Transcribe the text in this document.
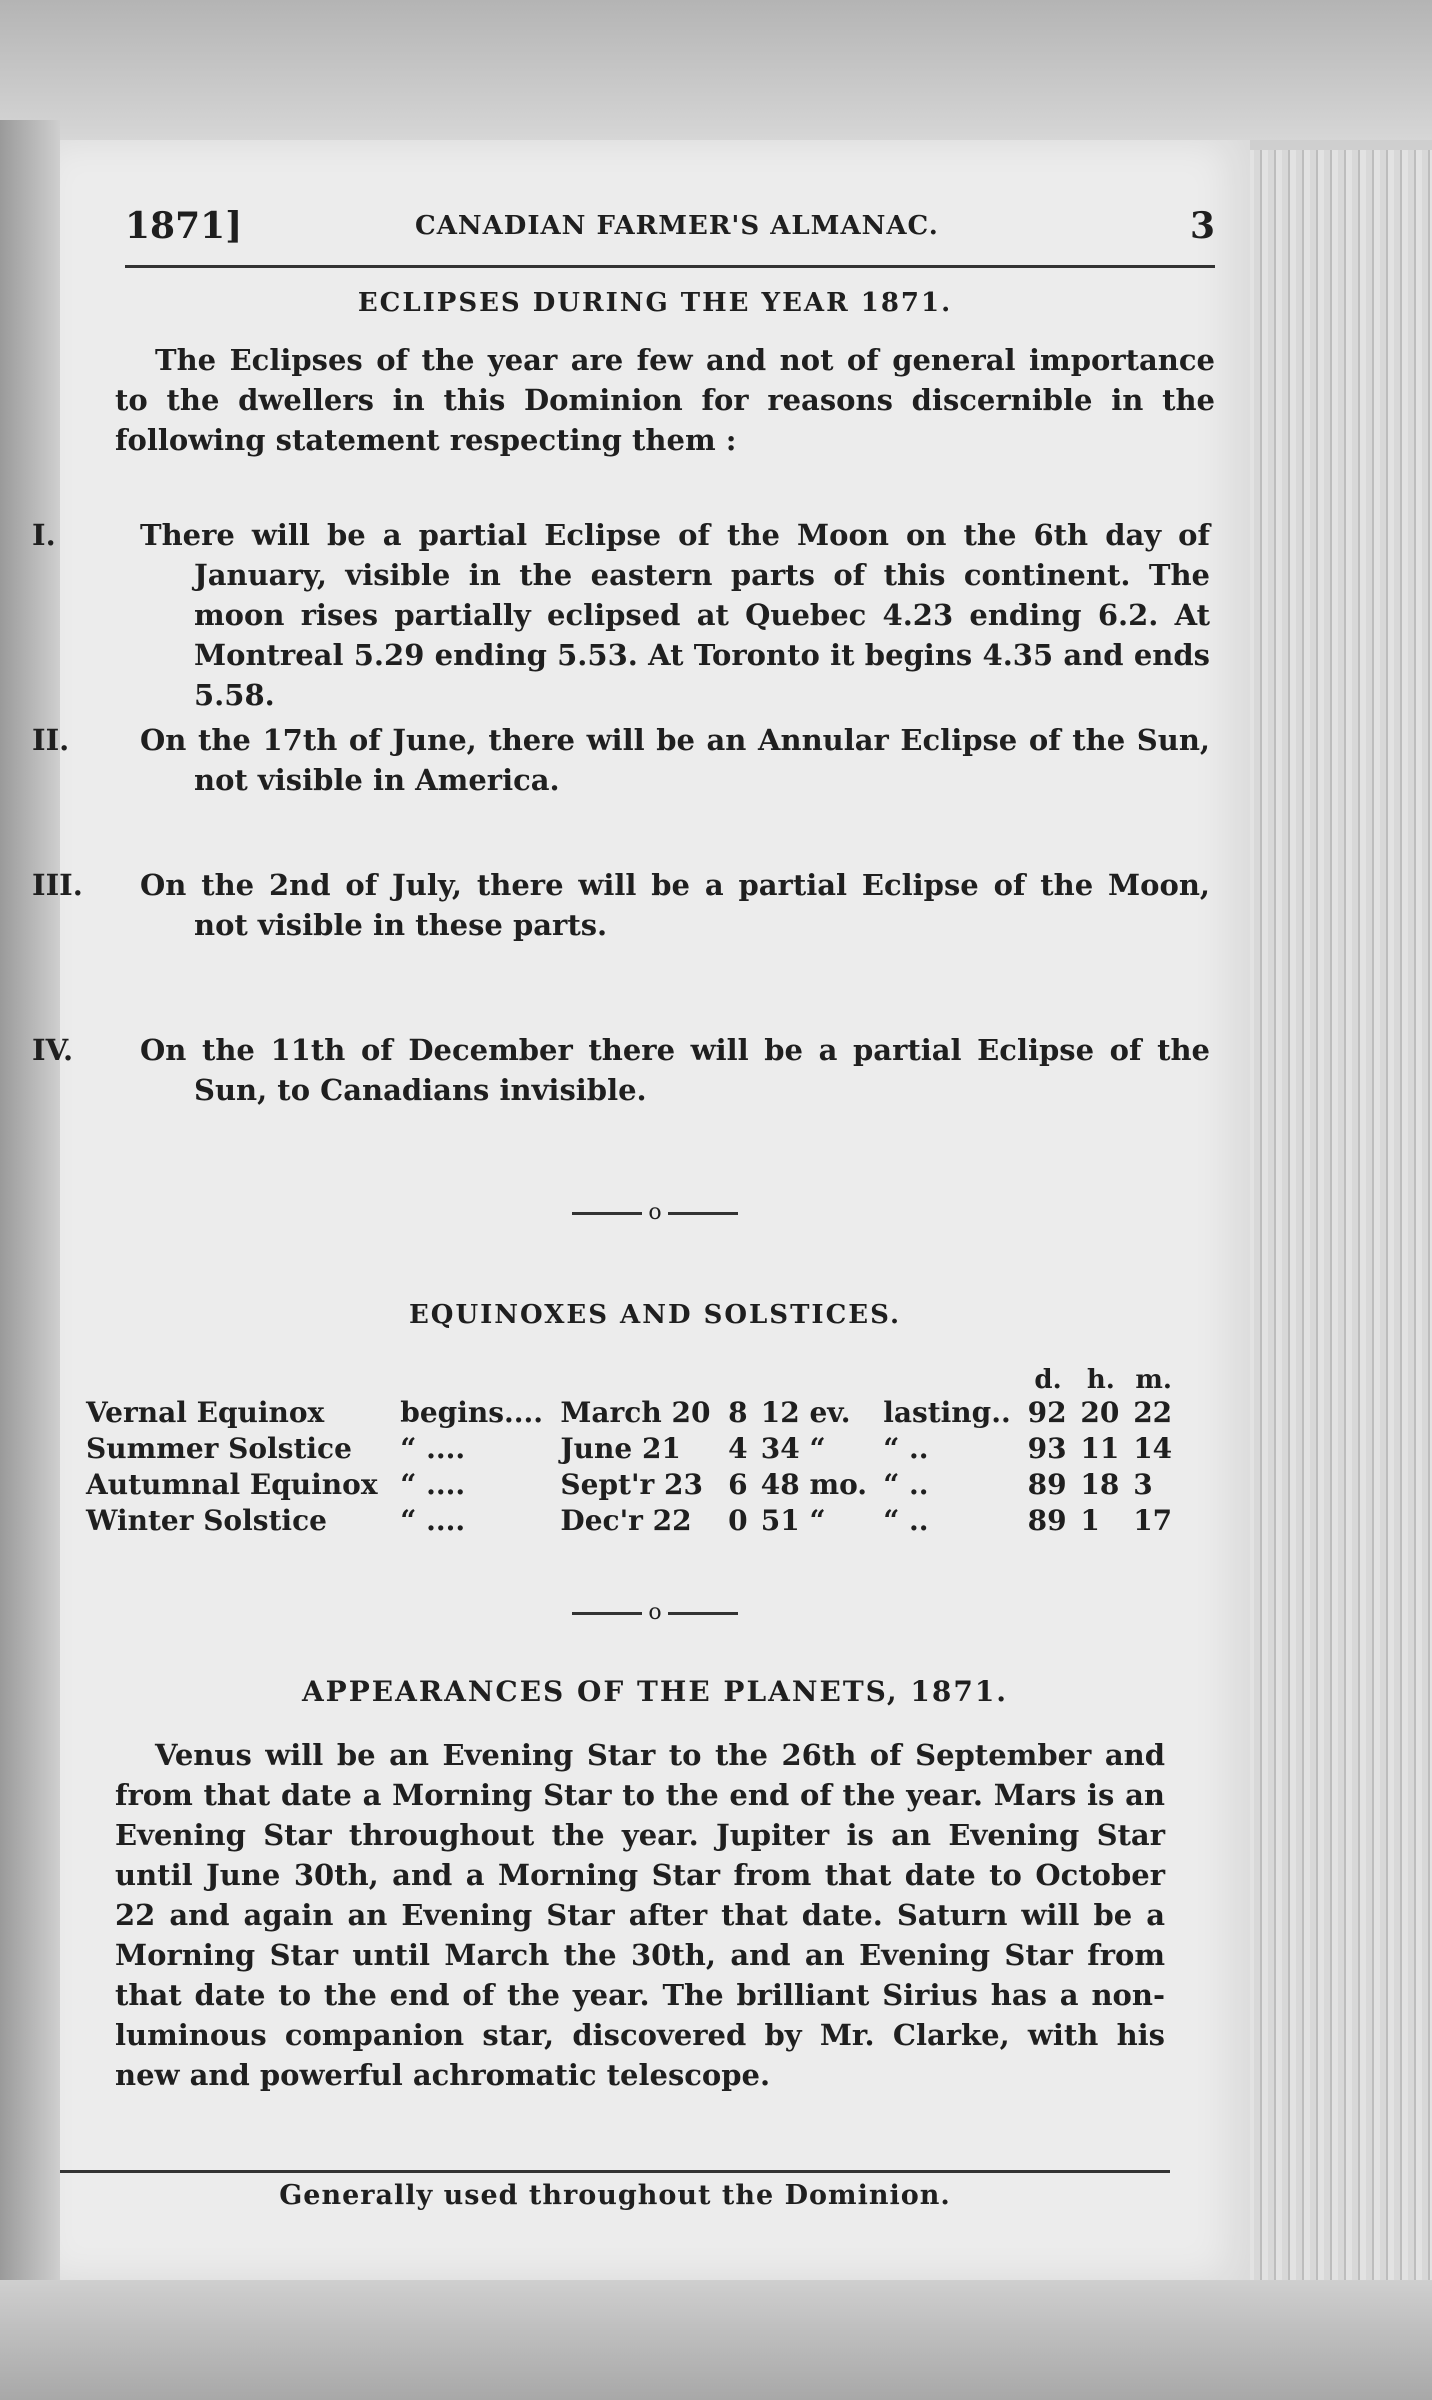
1871]	CANADIAN FARMER'S ALMANAC.	3
ECLIPSES DURING THE YEAR 1871.
The Eclipses of the year are few and not of general importance to the dwellers in this Dominion for reasons discernible in the following statement respecting them :
I.	There will be a partial Eclipse of the Moon on the 6th day of January, visible in the eastern parts of this continent. The moon rises partially eclipsed at Quebec 4.23 ending 6.2. At Montreal 5.29 ending 5.53. At Toronto it begins 4.35 and ends 5.58.
II. On the 17th of June, there will be an Annular Eclipse of the Sun, not visible in America.
III. On the 2nd of July, there will be a partial Eclipse of the Moon, not visible in these parts.
IV. On the 11th of December there will be a partial Eclipse of the Sun, to Canadians invisible.
o
EQUINOXES AND SOLSTICES.
						d.	h.	m.
Vernal Equinox	begins....	March 20	8	12 ev.	lasting..	92	20	22
Summer Solstice	“ ....	June 21	4	34 “	“ ..	93	11	14
Autumnal Equinox	“ ....	Sept'r 23	6	48 mo.	“ ..	89	18	3
Winter Solstice	“ ....	Dec'r 22	0	51 “	“ ..	89	1	17
o
APPEARANCES OF THE PLANETS, 1871.
Venus will be an Evening Star to the 26th of September and from that date a Morning Star to the end of the year. Mars is an Evening Star throughout the year. Jupiter is an Evening Star until June 30th, and a Morning Star from that date to October 22 and again an Evening Star after that date. Saturn will be a Morning Star until March the 30th, and an Evening Star from that date to the end of the year. The brilliant Sirius has a non-luminous companion star, discovered by Mr. Clarke, with his new and powerful achromatic telescope.
Generally used throughout the Dominion.
